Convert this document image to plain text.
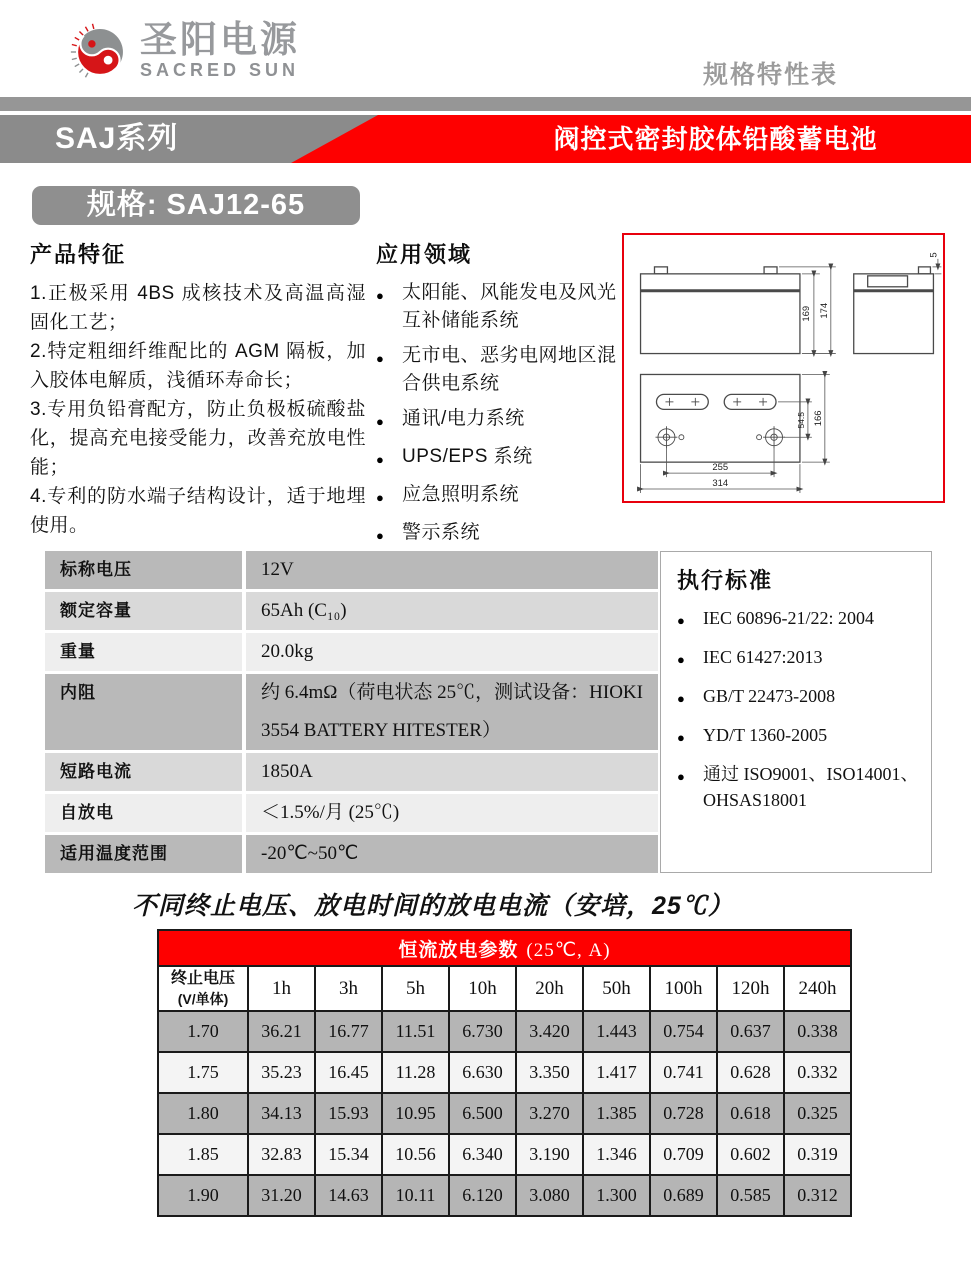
圣阳电源
SACRED SUN	规格特性表
SAJ系列	阀控式密封胶体铅酸蓄电池
规格: SAJ12-65
产品特征
1.正极采用 4BS 成核技术及高温高湿固化工艺；
2.特定粗细纤维配比的 AGM 隔板，加入胶体电解质，浅循环寿命长；
3.专用负铅膏配方，防止负极板硫酸盐化，提高充电接受能力，改善充放电性能；
4.专利的防水端子结构设计，适于地埋使用。
应用领域
● 太阳能、风能发电及风光互补储能系统
● 无市电、恶劣电网地区混合供电系统
● 通讯/电力系统
● UPS/EPS 系统
● 应急照明系统
● 警示系统
169 174
5
54.5 166
255
314
标称电压	12V
额定容量	65Ah (C₁₀)
重量	20.0kg
内阻	约 6.4mΩ（荷电状态 25℃，测试设备：HIOKI 3554 BATTERY HITESTER）
短路电流	1850A
自放电	＜1.5%/月 (25℃)
适用温度范围	-20℃~50℃
执行标准
●	IEC 60896-21/22: 2004
●	IEC 61427:2013
●	GB/T 22473-2008
●	YD/T 1360-2005
●	通过 ISO9001、ISO14001、OHSAS18001
不同终止电压、放电时间的放电电流（安培，25℃）
恒流放电参数 (25℃, A)									

终止电压
(V/单体)	1h	3h	5h	10h	20h	50h	100h	120h	240h
1.70	36.21	16.77	11.51	6.730	3.420	1.443	0.754	0.637	0.338
1.75	35.23	16.45	11.28	6.630	3.350	1.417	0.741	0.628	0.332
1.80	34.13	15.93	10.95	6.500	3.270	1.385	0.728	0.618	0.325
1.85	32.83	15.34	10.56	6.340	3.190	1.346	0.709	0.602	0.319
1.90	31.20	14.63	10.11	6.120	3.080	1.300	0.689	0.585	0.312
